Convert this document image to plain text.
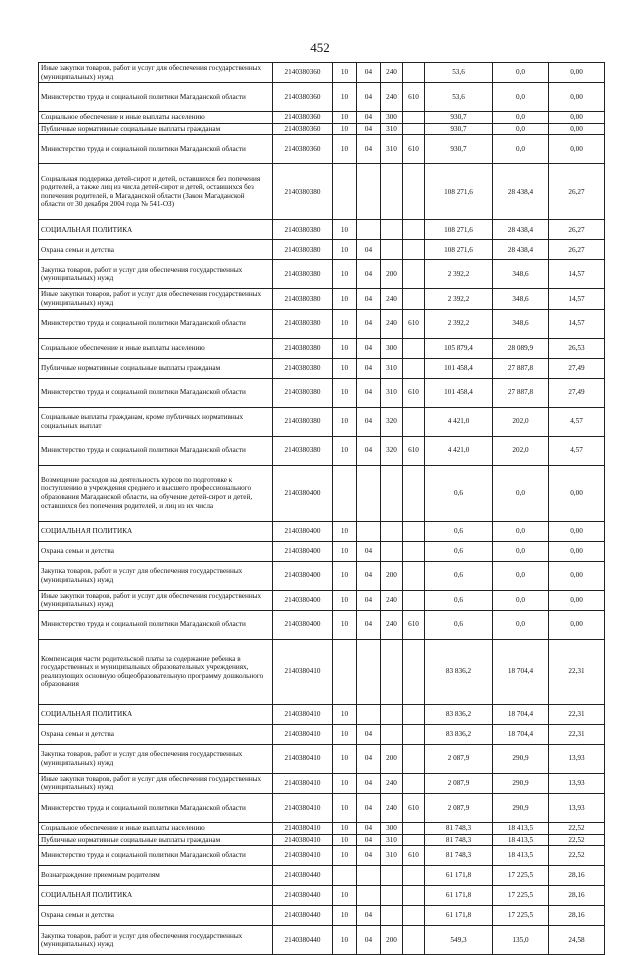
452
Иные закупки товаров, работ и услуг для обеспечения государственных (муниципальных) нужд	2140380360	10	04	240		53,6	0,0	0,00
Министерство труда и социальной политики Магаданской области	2140380360	10	04	240	610	53,6	0,0	0,00
Социальное обеспечение и иные выплаты населению	2140380360	10	04	300		930,7	0,0	0,00
Публичные нормативные социальные выплаты гражданам	2140380360	10	04	310		930,7	0,0	0,00
Министерство труда и социальной политики Магаданской области	2140380360	10	04	310	610	930,7	0,0	0,00
Социальная поддержка детей-сирот и детей, оставшихся без попечения родителей, а также лиц из числа детей-сирот и детей, оставшихся без попечения родителей, в Магаданской области (Закон Магаданской области от 30 декабря 2004 года № 541-ОЗ)	2140380380					108 271,6	28 438,4	26,27
СОЦИАЛЬНАЯ ПОЛИТИКА	2140380380	10				108 271,6	28 438,4	26,27
Охрана семьи и детства	2140380380	10	04			108 271,6	28 438,4	26,27
Закупка товаров, работ и услуг для обеспечения государственных (муниципальных) нужд	2140380380	10	04	200		2 392,2	348,6	14,57
Иные закупки товаров, работ и услуг для обеспечения государственных (муниципальных) нужд	2140380380	10	04	240		2 392,2	348,6	14,57
Министерство труда и социальной политики Магаданской области	2140380380	10	04	240	610	2 392,2	348,6	14,57
Социальное обеспечение и иные выплаты населению	2140380380	10	04	300		105 879,4	28 089,9	26,53
Публичные нормативные социальные выплаты гражданам	2140380380	10	04	310		101 458,4	27 887,8	27,49
Министерство труда и социальной политики Магаданской области	2140380380	10	04	310	610	101 458,4	27 887,8	27,49
Социальные выплаты гражданам, кроме публичных нормативных социальных выплат	2140380380	10	04	320		4 421,0	202,0	4,57
Министерство труда и социальной политики Магаданской области	2140380380	10	04	320	610	4 421,0	202,0	4,57
Возмещение расходов на деятельность курсов по подготовке к поступлению в учреждения среднего и высшего профессионального образования Магаданской области, на обучение детей-сирот и детей, оставшихся без попечения родителей, и лиц из их числа	2140380400					0,6	0,0	0,00
СОЦИАЛЬНАЯ ПОЛИТИКА	2140380400	10				0,6	0,0	0,00
Охрана семьи и детства	2140380400	10	04			0,6	0,0	0,00
Закупка товаров, работ и услуг для обеспечения государственных (муниципальных) нужд	2140380400	10	04	200		0,6	0,0	0,00
Иные закупки товаров, работ и услуг для обеспечения государственных (муниципальных) нужд	2140380400	10	04	240		0,6	0,0	0,00
Министерство труда и социальной политики Магаданской области	2140380400	10	04	240	610	0,6	0,0	0,00
Компенсация части родительской платы за содержание ребенка в государственных и муниципальных образовательных учреждениях, реализующих основную общеобразовательную программу дошкольного образования	2140380410					83 836,2	18 704,4	22,31
СОЦИАЛЬНАЯ ПОЛИТИКА	2140380410	10				83 836,2	18 704,4	22,31
Охрана семьи и детства	2140380410	10	04			83 836,2	18 704,4	22,31
Закупка товаров, работ и услуг для обеспечения государственных (муниципальных) нужд	2140380410	10	04	200		2 087,9	290,9	13,93
Иные закупки товаров, работ и услуг для обеспечения государственных (муниципальных) нужд	2140380410	10	04	240		2 087,9	290,9	13,93
Министерство труда и социальной политики Магаданской области	2140380410	10	04	240	610	2 087,9	290,9	13,93
Социальное обеспечение и иные выплаты населению	2140380410	10	04	300		81 748,3	18 413,5	22,52
Публичные нормативные социальные выплаты гражданам	2140380410	10	04	310		81 748,3	18 413,5	22,52
Министерство труда и социальной политики Магаданской области	2140380410	10	04	310	610	81 748,3	18 413,5	22,52
Вознаграждение приемным родителям	2140380440					61 171,8	17 225,5	28,16
СОЦИАЛЬНАЯ ПОЛИТИКА	2140380440	10				61 171,8	17 225,5	28,16
Охрана семьи и детства	2140380440	10	04			61 171,8	17 225,5	28,16
Закупка товаров, работ и услуг для обеспечения государственных (муниципальных) нужд	2140380440	10	04	200		549,3	135,0	24,58
